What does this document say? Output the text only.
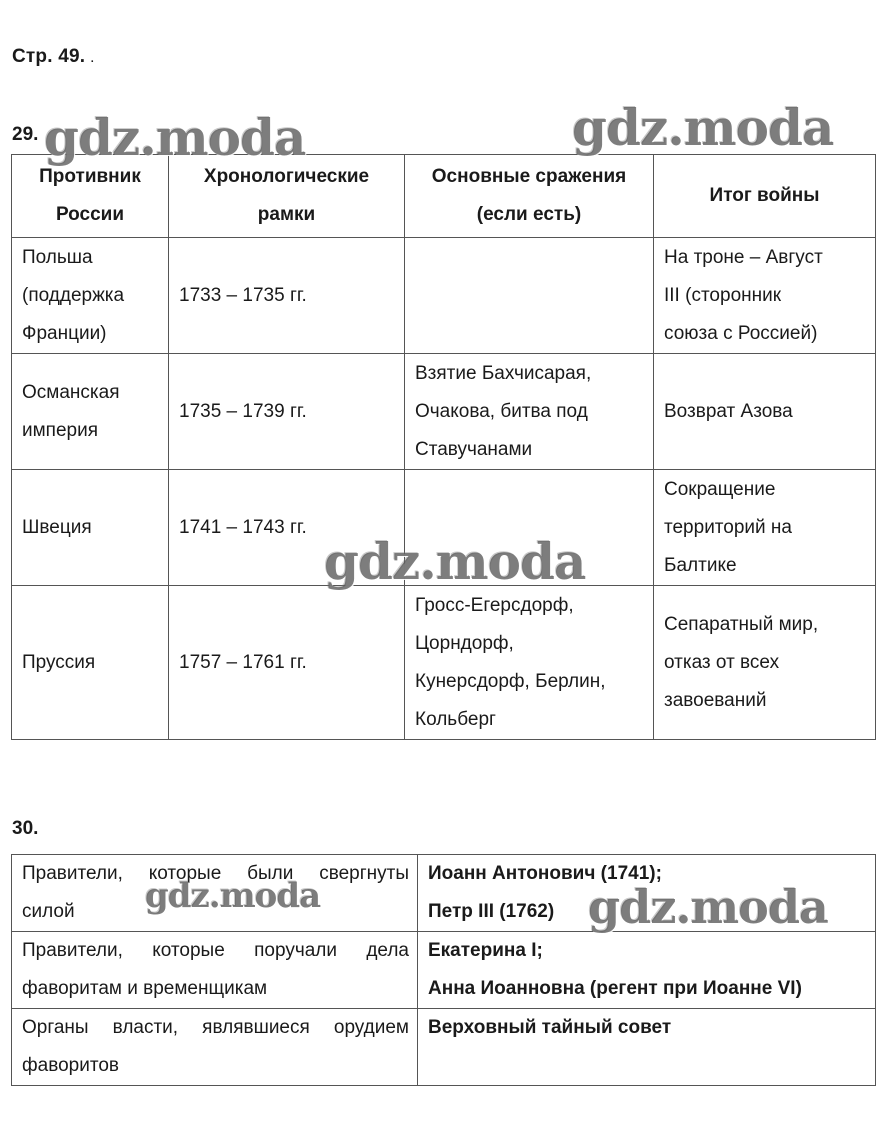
Стр. 49. .
29.
Противник России	Хронологические рамки	Основные сражения (если есть)	Итог войны

Польша
(поддержка
Франции)	1733 – 1735 гг.		На троне – Август
III (сторонник
союза с Россией)

Османская
империя	1735 – 1739 гг.	Взятие Бахчисарая,
Очакова, битва под
Ставучанами	Возврат Азова

Швеция	1741 – 1743 гг.		Сокращение
территорий на
Балтике

Пруссия	1757 – 1761 гг.	Гросс-Егерсдорф,
Цорндорф,
Кунерсдорф, Берлин,
Кольберг	Сепаратный мир,
отказ от всех
завоеваний
30.
Правители, которые были свергнуты
силой	Иоанн Антонович (1741);
Петр III (1762)

Правители, которые поручали дела
фаворитам и временщикам	Екатерина I;
Анна Иоанновна (регент при Иоанне VI)

Органы власти, являвшиеся орудием
фаворитов	Верховный тайный совет
gdz.moda	gdz.moda
gdz.moda
gdz.moda	gdz.moda
